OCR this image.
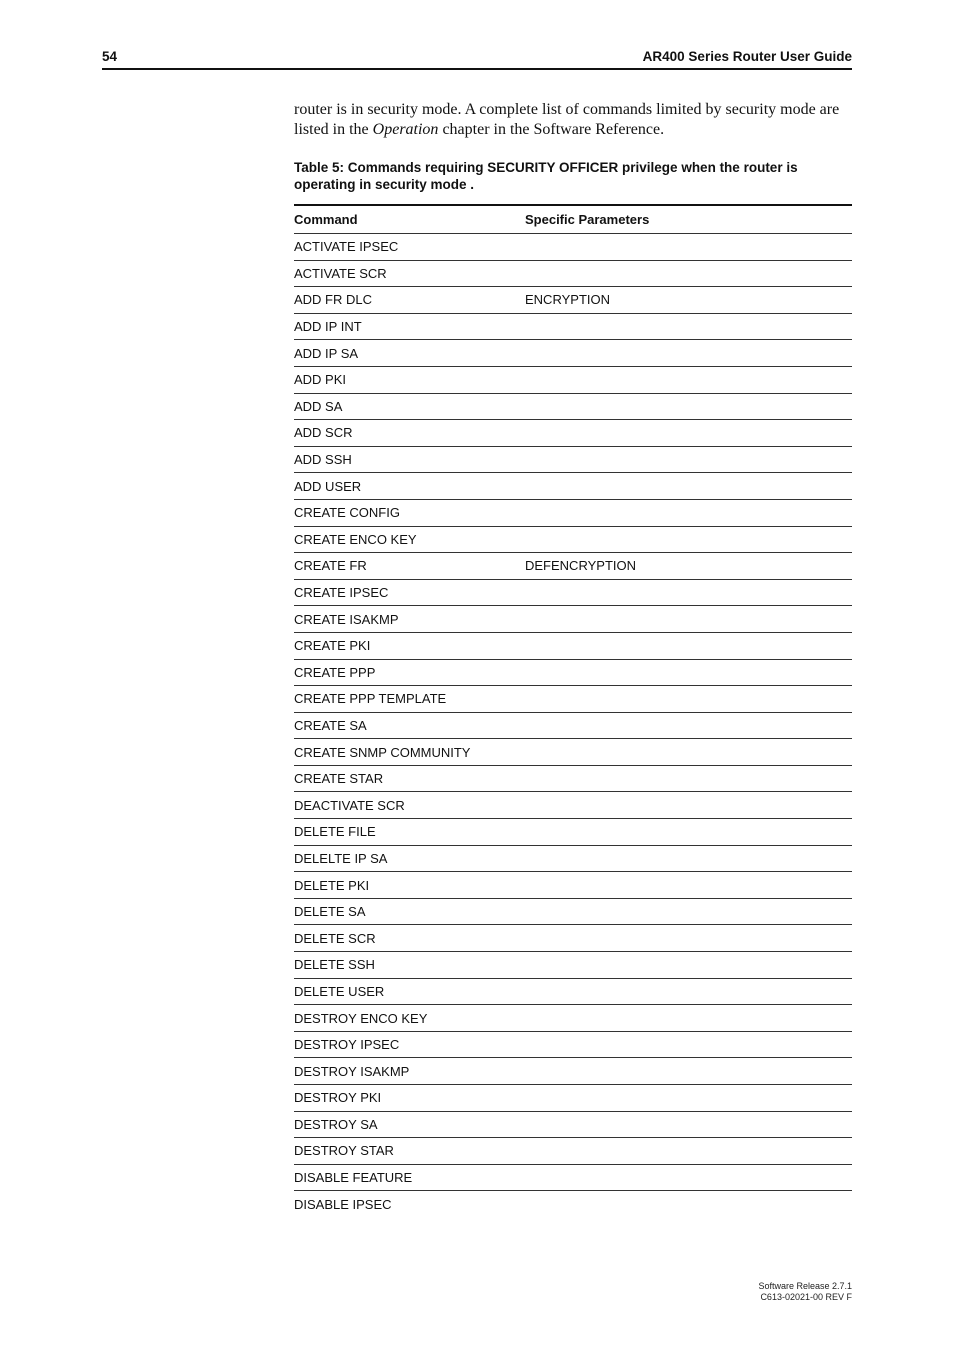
54	AR400 Series Router User Guide

router is in security mode. A complete list of commands limited by security mode are listed in the Operation chapter in the Software Reference.

Table 5: Commands requiring SECURITY OFFICER privilege when the router is operating in security mode .
Command	Specific Parameters
ACTIVATE IPSEC	
ACTIVATE SCR	
ADD FR DLC	ENCRYPTION
ADD IP INT	
ADD IP SA	
ADD PKI	
ADD SA	
ADD SCR	
ADD SSH	
ADD USER	
CREATE CONFIG	
CREATE ENCO KEY	
CREATE FR	DEFENCRYPTION
CREATE IPSEC	
CREATE ISAKMP	
CREATE PKI	
CREATE PPP	
CREATE PPP TEMPLATE	
CREATE SA	
CREATE SNMP COMMUNITY	
CREATE STAR	
DEACTIVATE SCR	
DELETE FILE	
DELELTE IP SA	
DELETE PKI	
DELETE SA	
DELETE SCR	
DELETE SSH	
DELETE USER	
DESTROY ENCO KEY	
DESTROY IPSEC	
DESTROY ISAKMP	
DESTROY PKI	
DESTROY SA	
DESTROY STAR	
DISABLE FEATURE	
DISABLE IPSEC	
Software Release 2.7.1
C613-02021-00 REV F
